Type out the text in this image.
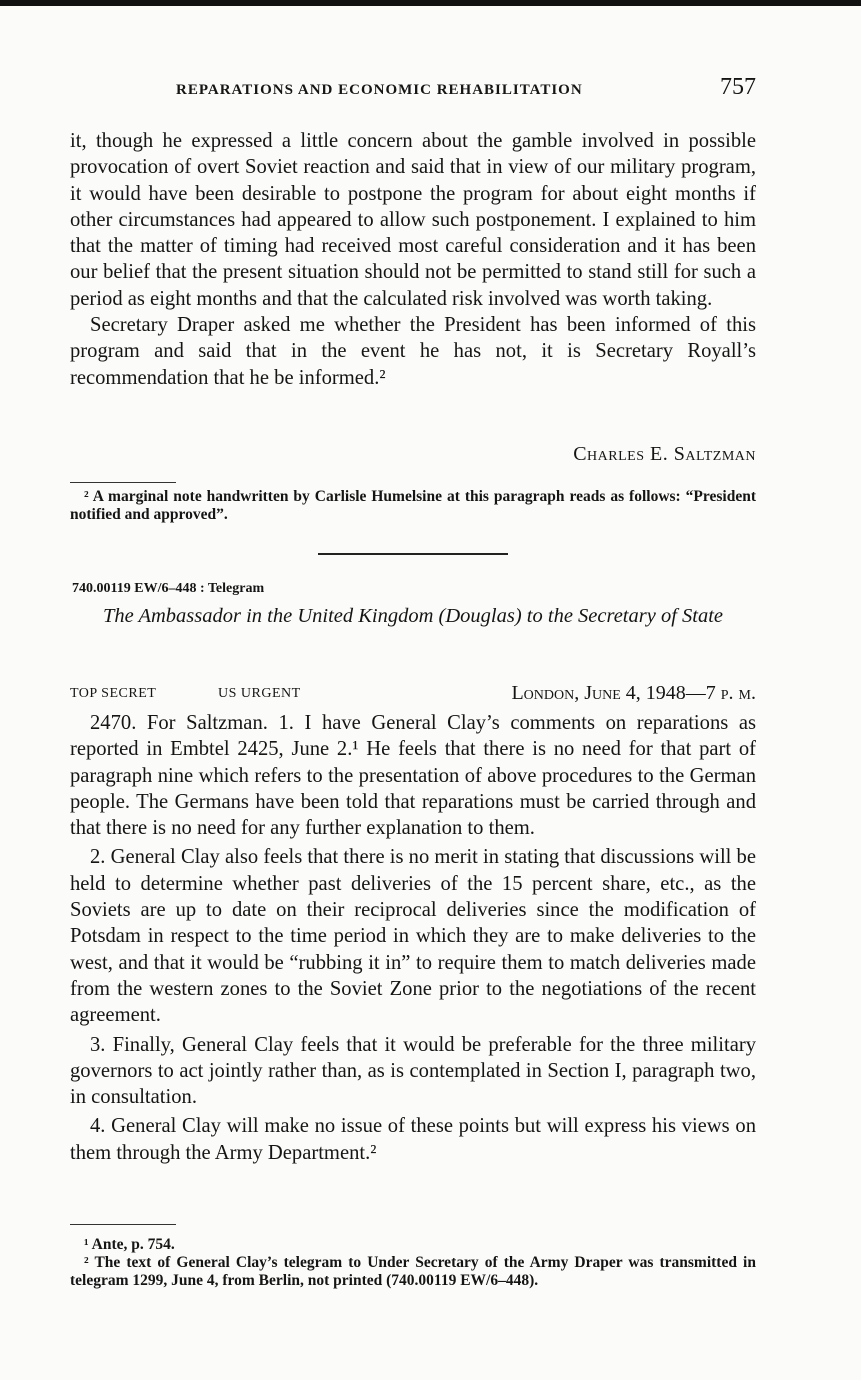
REPARATIONS AND ECONOMIC REHABILITATION	757

it, though he expressed a little concern about the gamble involved in possible provocation of overt Soviet reaction and said that in view of our military program, it would have been desirable to postpone the program for about eight months if other circumstances had appeared to allow such postponement. I explained to him that the matter of timing had received most careful consideration and it has been our belief that the present situation should not be permitted to stand still for such a period as eight months and that the calculated risk involved was worth taking.

Secretary Draper asked me whether the President has been informed of this program and said that in the event he has not, it is Secretary Royall’s recommendation that he be informed.²

Charles E. Saltzman

² A marginal note handwritten by Carlisle Humelsine at this paragraph reads as follows: “President notified and approved”.

740.00119 EW/6–448 : Telegram
The Ambassador in the United Kingdom (Douglas) to the Secretary of State
TOP SECRET	US URGENT	London, June 4, 1948—7 p. m.

2470. For Saltzman. 1. I have General Clay’s comments on reparations as reported in Embtel 2425, June 2.¹ He feels that there is no need for that part of paragraph nine which refers to the presentation of above procedures to the German people. The Germans have been told that reparations must be carried through and that there is no need for any further explanation to them.

2. General Clay also feels that there is no merit in stating that discussions will be held to determine whether past deliveries of the 15 percent share, etc., as the Soviets are up to date on their reciprocal deliveries since the modification of Potsdam in respect to the time period in which they are to make deliveries to the west, and that it would be “rubbing it in” to require them to match deliveries made from the western zones to the Soviet Zone prior to the negotiations of the recent agreement.

3. Finally, General Clay feels that it would be preferable for the three military governors to act jointly rather than, as is contemplated in Section I, paragraph two, in consultation.

4. General Clay will make no issue of these points but will express his views on them through the Army Department.²

¹ Ante, p. 754.

² The text of General Clay’s telegram to Under Secretary of the Army Draper was transmitted in telegram 1299, June 4, from Berlin, not printed (740.00119 EW/6–448).
